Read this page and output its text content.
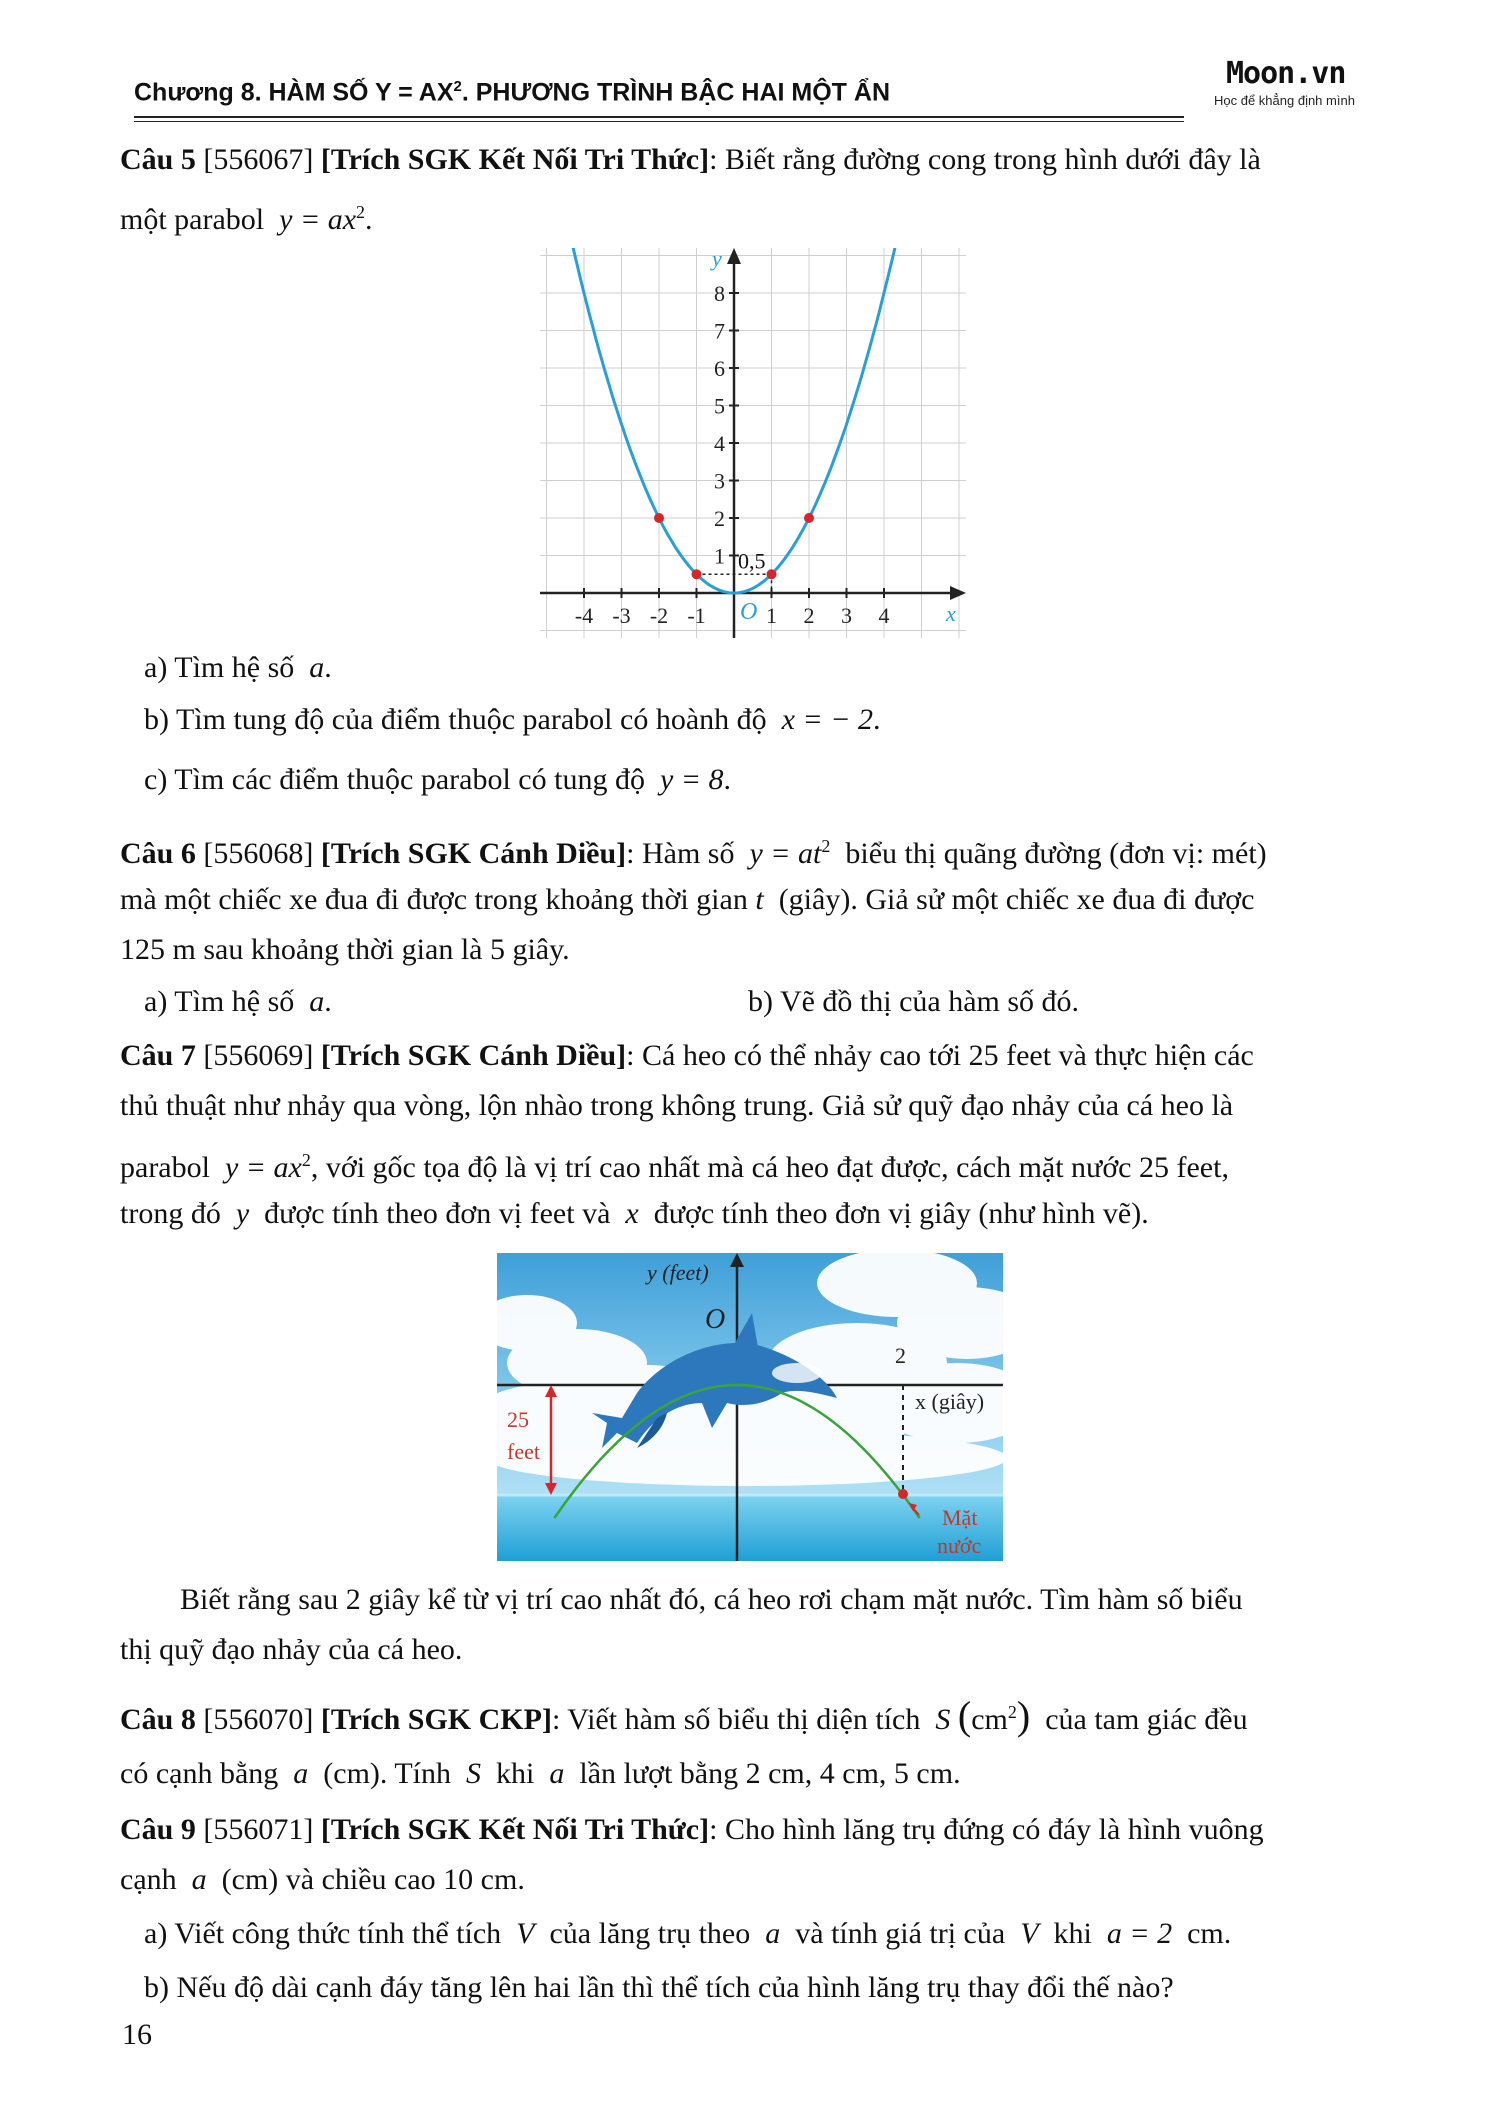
Chương 8. HÀM SỐ $Y = AX^2$. PHƯƠNG TRÌNH BẬC HAI MỘT ẨN
Moon.vn
Học để khẳng định mình
Câu 5 [556067] [Trích SGK Kết Nối Tri Thức]: Biết rằng đường cong trong hình dưới đây là
một parabol $y = ax^2$.
-4 -3 -2 -1	1 2 3 4
1
2
3
4
5
6
7
8
x
y
O
0,5
a) Tìm hệ số a.
b) Tìm tung độ của điểm thuộc parabol có hoành độ x = − 2.
c) Tìm các điểm thuộc parabol có tung độ y = 8.
Câu 6 [556068] [Trích SGK Cánh Diều]: Hàm số $y = at^2$ biểu thị quãng đường (đơn vị: mét)
mà một chiếc xe đua đi được trong khoảng thời gian t (giây). Giả sử một chiếc xe đua đi được
125 m sau khoảng thời gian là 5 giây.
a) Tìm hệ số a.	b) Vẽ đồ thị của hàm số đó.
Câu 7 [556069] [Trích SGK Cánh Diều]: Cá heo có thể nhảy cao tới 25 feet và thực hiện các
thủ thuật như nhảy qua vòng, lộn nhào trong không trung. Giả sử quỹ đạo nhảy của cá heo là
parabol $y = ax^2$, với gốc tọa độ là vị trí cao nhất mà cá heo đạt được, cách mặt nước 25 feet,
trong đó y được tính theo đơn vị feet và x được tính theo đơn vị giây (như hình vẽ).
25
feet
y (feet)
O
2
x (giây)
Mặt
nước
Biết rằng sau 2 giây kể từ vị trí cao nhất đó, cá heo rơi chạm mặt nước. Tìm hàm số biểu
thị quỹ đạo nhảy của cá heo.
Câu 8 [556070] [Trích SGK CKP]: Viết hàm số biểu thị diện tích S $(cm^2)$ của tam giác đều
có cạnh bằng a (cm). Tính S khi a lần lượt bằng 2 cm, 4 cm, 5 cm.
Câu 9 [556071] [Trích SGK Kết Nối Tri Thức]: Cho hình lăng trụ đứng có đáy là hình vuông
cạnh a (cm) và chiều cao 10 cm.
a) Viết công thức tính thể tích V của lăng trụ theo a và tính giá trị của V khi a = 2 cm.
b) Nếu độ dài cạnh đáy tăng lên hai lần thì thể tích của hình lăng trụ thay đổi thế nào?
16
